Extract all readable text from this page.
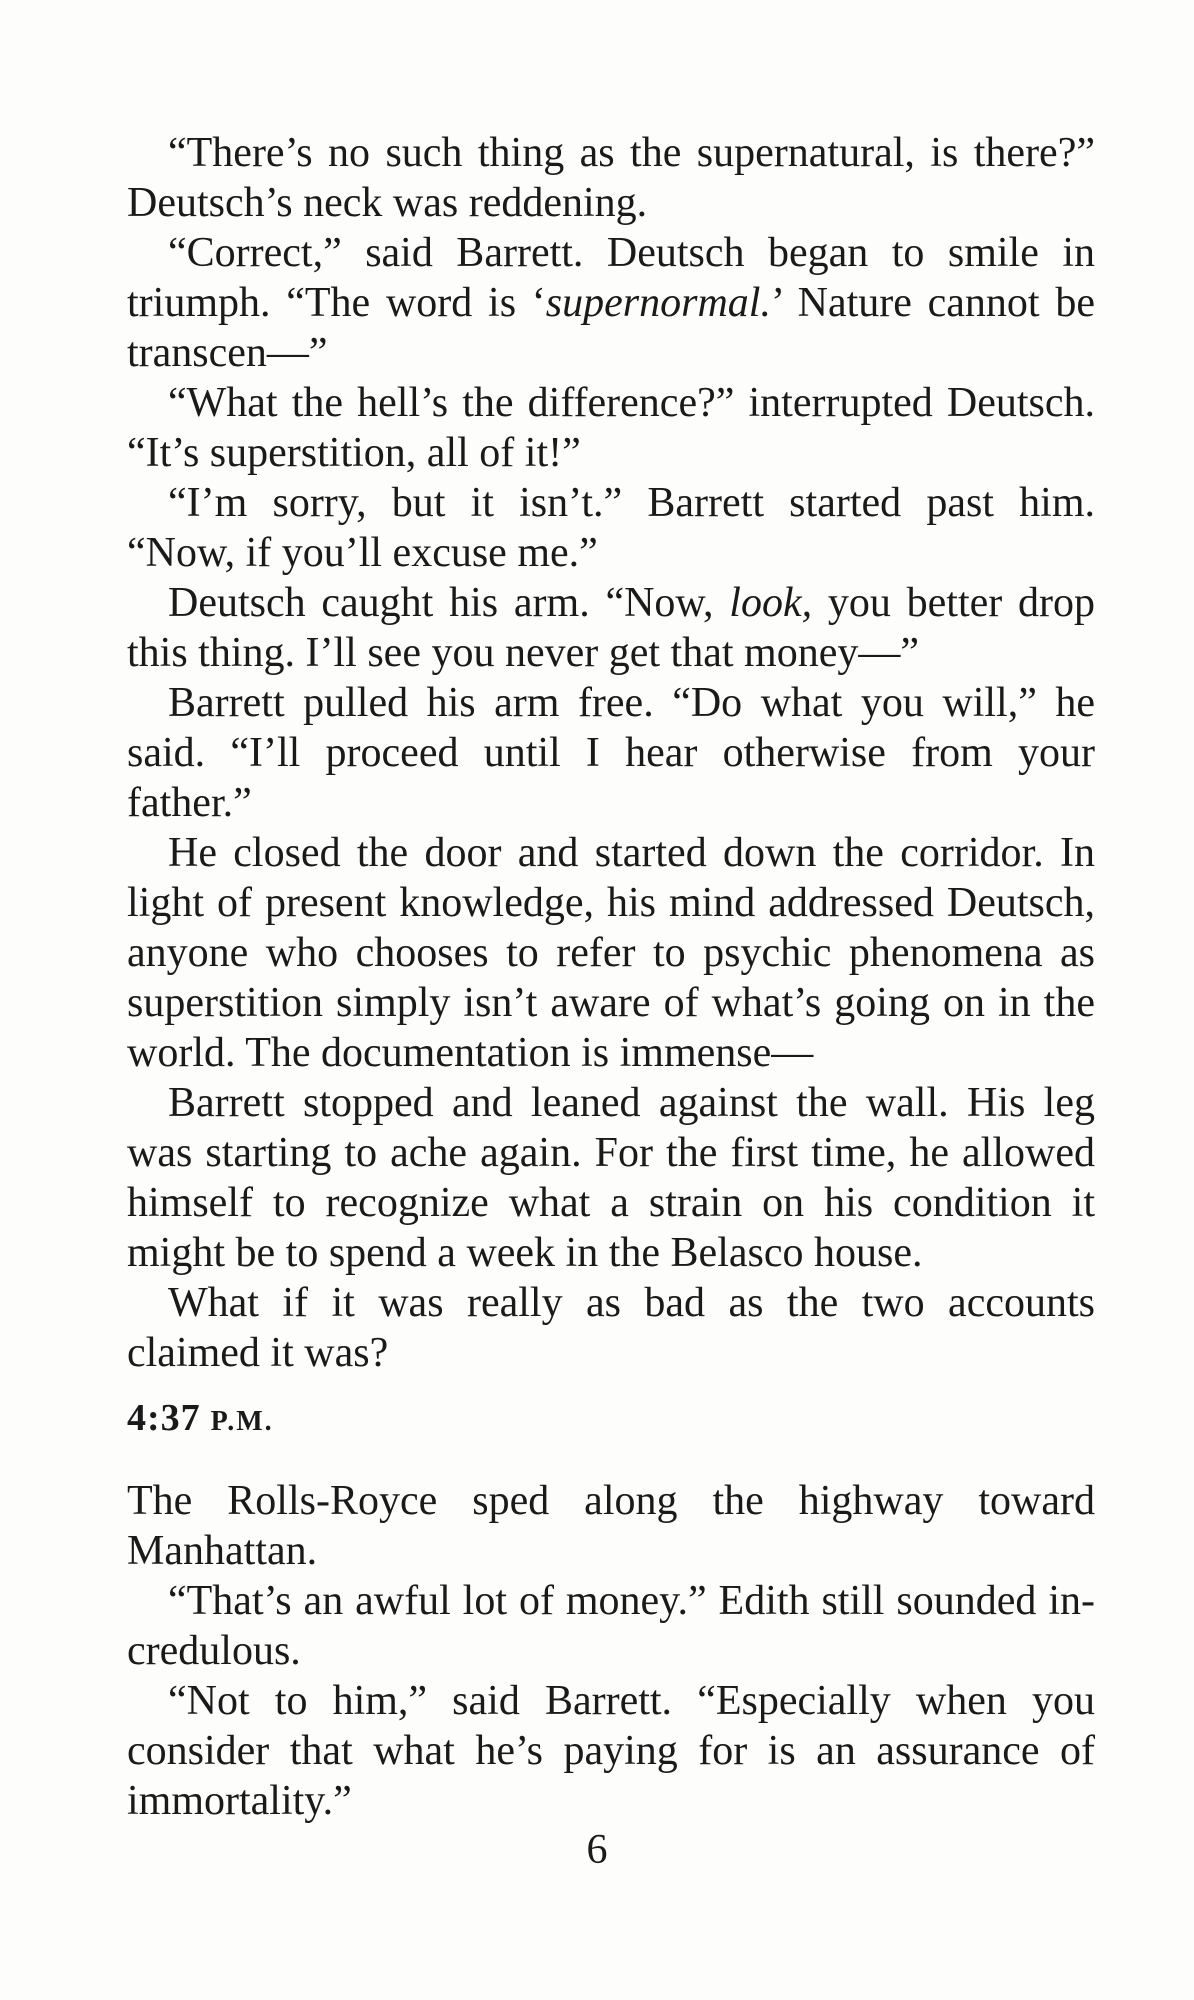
“There’s no such thing as the supernatural, is there?” Deutsch’s neck was reddening.

“Correct,” said Barrett. Deutsch began to smile in triumph. “The word is ‘supernormal.’ Nature cannot be transcen—”

“What the hell’s the difference?” interrupted Deutsch. “It’s superstition, all of it!”

“I’m sorry, but it isn’t.” Barrett started past him. “Now, if you’ll excuse me.”

Deutsch caught his arm. “Now, look, you better drop this thing. I’ll see you never get that money—”

Barrett pulled his arm free. “Do what you will,” he said. “I’ll proceed until I hear otherwise from your father.”

He closed the door and started down the corridor. In light of present knowledge, his mind addressed Deutsch, anyone who chooses to refer to psychic phenomena as superstition simply isn’t aware of what’s going on in the world. The documentation is immense—

Barrett stopped and leaned against the wall. His leg was starting to ache again. For the first time, he allowed himself to recognize what a strain on his condition it might be to spend a week in the Belasco house.

What if it was really as bad as the two accounts claimed it was?

4:37 P.M.

The Rolls-Royce sped along the highway toward Manhattan.

“That’s an awful lot of money.” Edith still sounded incredulous.

“Not to him,” said Barrett. “Especially when you consider that what he’s paying for is an assurance of immortality.”

6
